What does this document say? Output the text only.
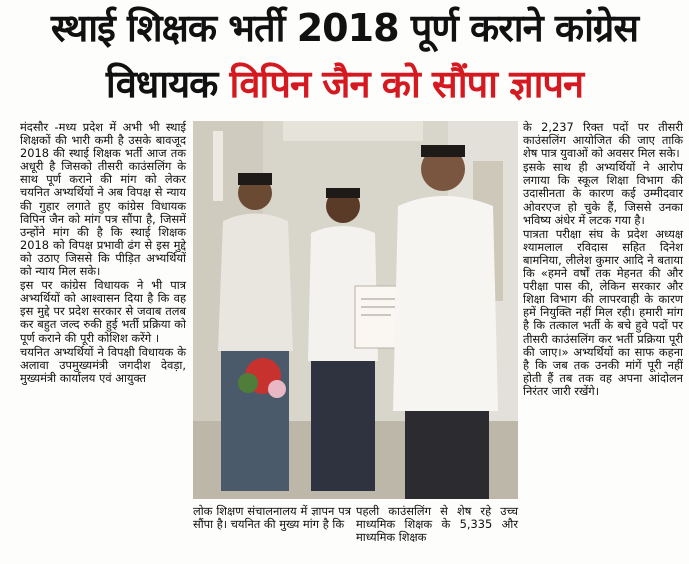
स्थाई शिक्षक भर्ती 2018 पूर्ण कराने कांग्रेस
विधायक विपिन जैन को सौंपा ज्ञापन

मंदसौर -मध्य प्रदेश में अभी भी स्थाई शिक्षकों की भारी कमी है उसके बावजूद 2018 की स्थाई शिक्षक भर्ती आज तक अधूरी है जिसको तीसरी काउंसलिंग के साथ पूर्ण कराने की मांग को लेकर चयनित अभ्यर्थियों ने अब विपक्ष से न्याय की गुहार लगाते हुए कांग्रेस विधायक विपिन जैन को मांग पत्र सौंपा है, जिसमें उन्होंने मांग की है कि स्थाई शिक्षक 2018 को विपक्ष प्रभावी ढंग से इस मुद्दे को उठाए जिससे कि पीड़ित अभ्यर्थियों को न्याय मिल सके।

इस पर कांग्रेस विधायक ने भी पात्र अभ्यर्थियों को आश्वासन दिया है कि वह इस मुद्दे पर प्रदेश सरकार से जवाब तलब कर बहुत जल्द रुकी हुई भर्ती प्रक्रिया को पूर्ण कराने की पूरी कोशिश करेंगे ।

चयनित अभ्यर्थियों ने विपक्षी विधायक के अलावा उपमुख्यमंत्री जगदीश देवड़ा, मुख्यमंत्री कार्यालय एवं आयुक्त

लोक शिक्षण संचालनालय में ज्ञापन पत्र सौंपा है। चयनित की मुख्य मांग है कि
पहली काउंसलिंग से शेष रहे उच्च माध्यमिक शिक्षक के 5,335 और माध्यमिक शिक्षक

के 2,237 रिक्त पदों पर तीसरी काउंसलिंग आयोजित की जाए ताकि शेष पात्र युवाओं को अवसर मिल सके।

इसके साथ ही अभ्यर्थियों ने आरोप लगाया कि स्कूल शिक्षा विभाग की उदासीनता के कारण कई उम्मीदवार ओवरएज हो चुके हैं, जिससे उनका भविष्य अंधेर में लटक गया है।

पात्रता परीक्षा संघ के प्रदेश अध्यक्ष श्यामलाल रविदास सहित दिनेश बामनिया, लीलेश कुमार आदि ने बताया कि «हमने वर्षों तक मेहनत की और परीक्षा पास की, लेकिन सरकार और शिक्षा विभाग की लापरवाही के कारण हमें नियुक्ति नहीं मिल रही। हमारी मांग है कि तत्काल भर्ती के बचे हुवे पदों पर तीसरी काउंसलिंग कर भर्ती प्रक्रिया पूरी की जाए।» अभ्यर्थियों का साफ कहना है कि जब तक उनकी मांगें पूरी नहीं होती हैं तब तक वह अपना आंदोलन निरंतर जारी रखेंगे।
